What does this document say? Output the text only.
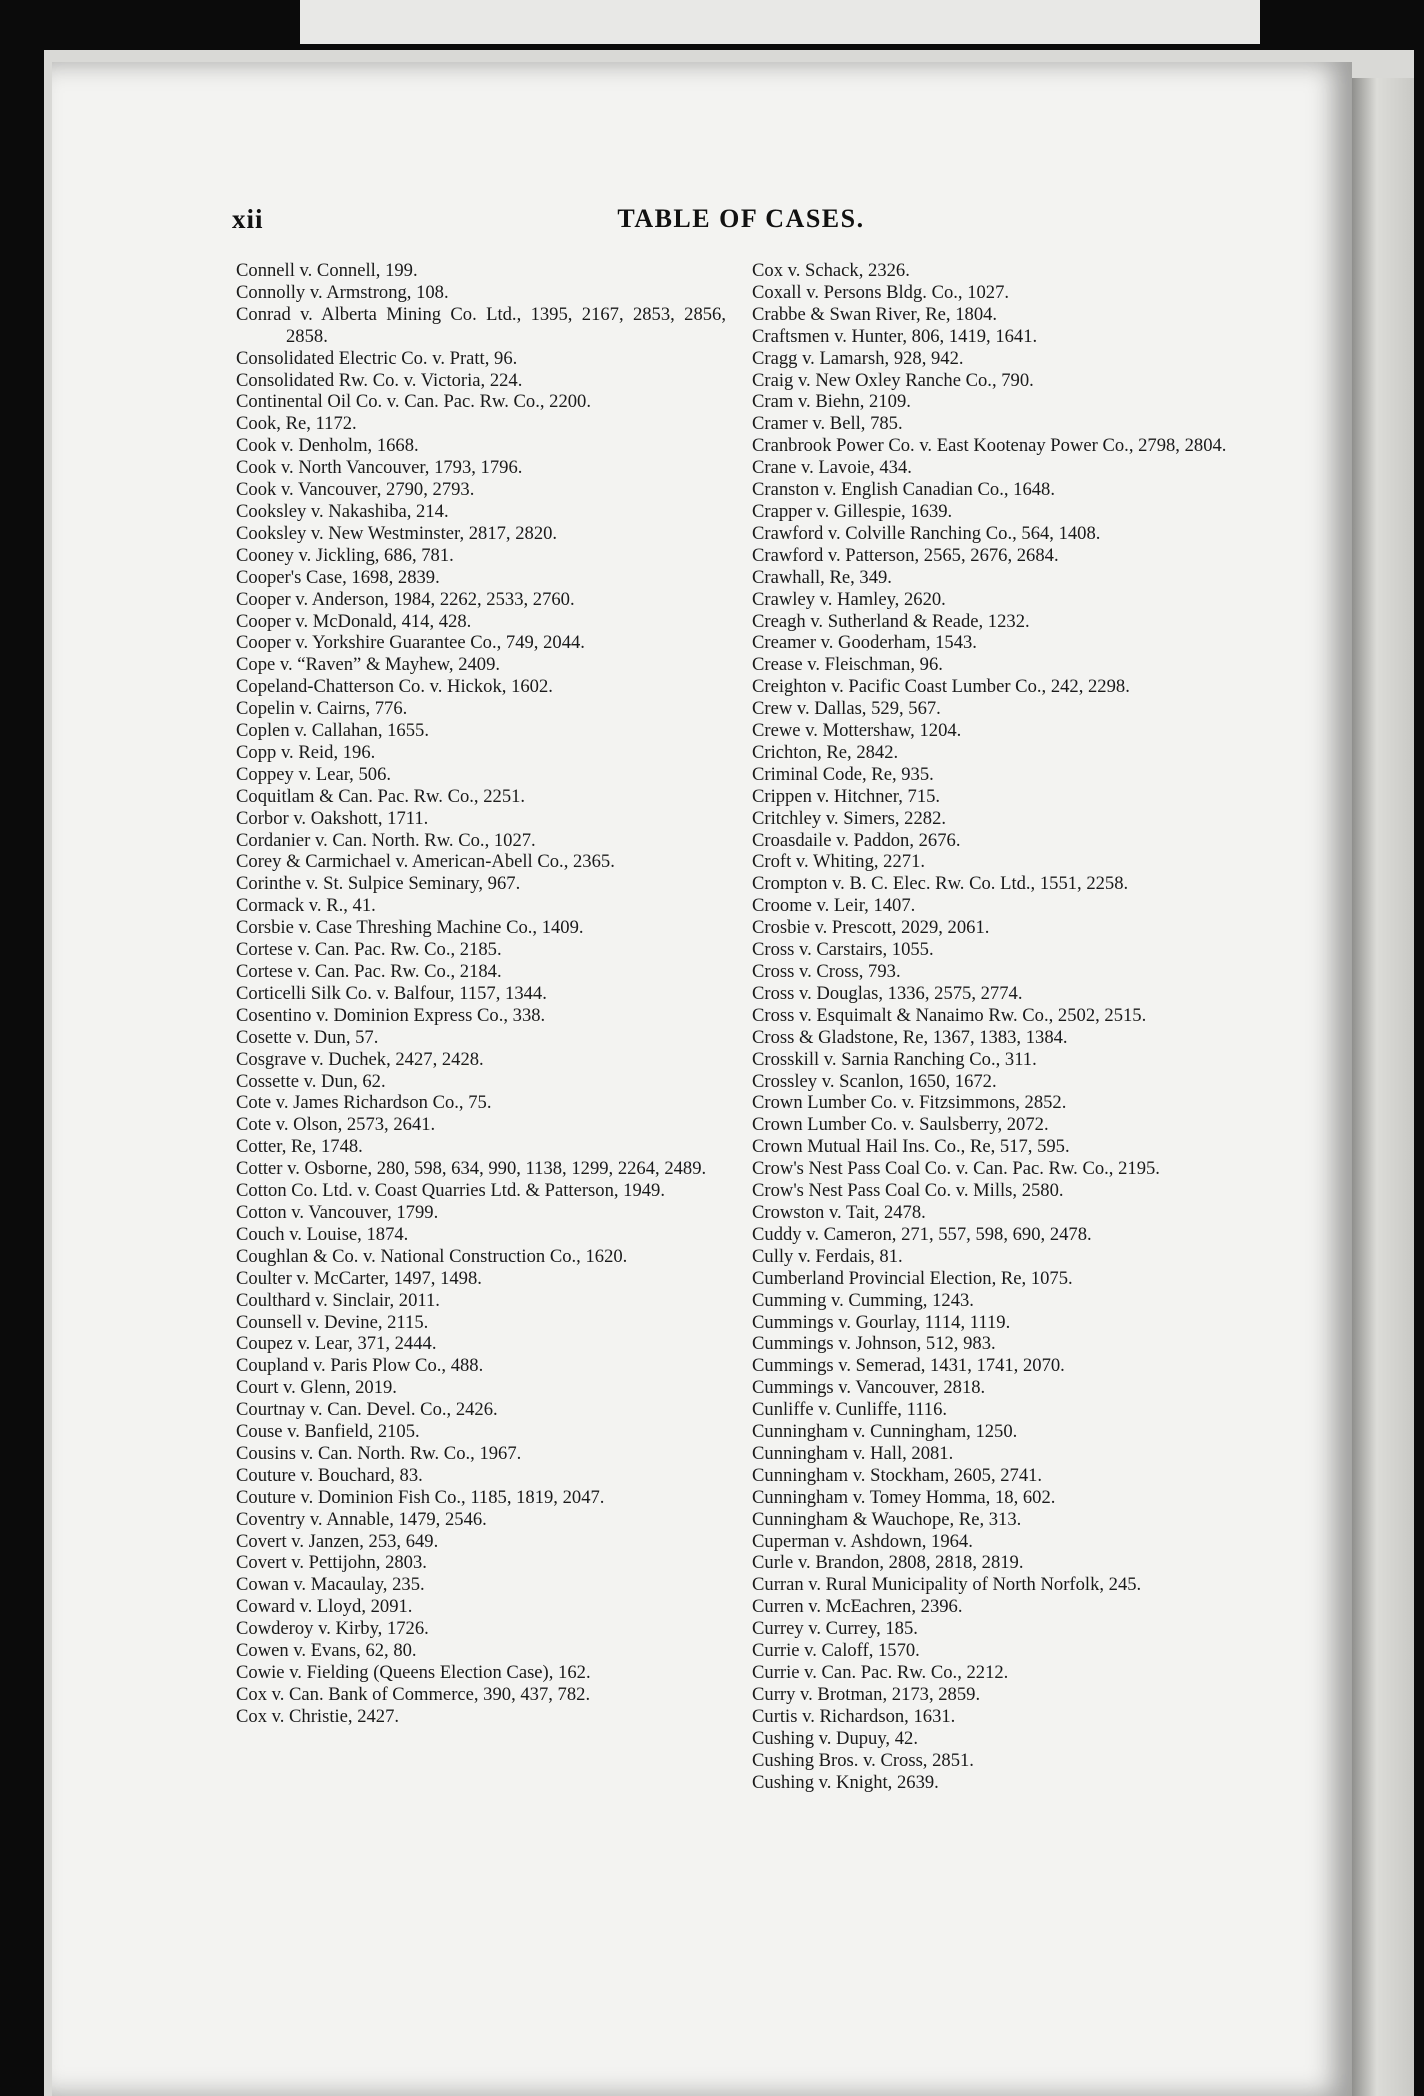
xii	TABLE OF CASES.
Connell v. Connell, 199.
Connolly v. Armstrong, 108.
Conrad v. Alberta Mining Co. Ltd., 1395, 2167, 2853, 2856, 2858.
Consolidated Electric Co. v. Pratt, 96.
Consolidated Rw. Co. v. Victoria, 224.
Continental Oil Co. v. Can. Pac. Rw. Co., 2200.
Cook, Re, 1172.
Cook v. Denholm, 1668.
Cook v. North Vancouver, 1793, 1796.
Cook v. Vancouver, 2790, 2793.
Cooksley v. Nakashiba, 214.
Cooksley v. New Westminster, 2817, 2820.
Cooney v. Jickling, 686, 781.
Cooper's Case, 1698, 2839.
Cooper v. Anderson, 1984, 2262, 2533, 2760.
Cooper v. McDonald, 414, 428.
Cooper v. Yorkshire Guarantee Co., 749, 2044.
Cope v. “Raven” & Mayhew, 2409.
Copeland-Chatterson Co. v. Hickok, 1602.
Copelin v. Cairns, 776.
Coplen v. Callahan, 1655.
Copp v. Reid, 196.
Coppey v. Lear, 506.
Coquitlam & Can. Pac. Rw. Co., 2251.
Corbor v. Oakshott, 1711.
Cordanier v. Can. North. Rw. Co., 1027.
Corey & Carmichael v. American-Abell Co., 2365.
Corinthe v. St. Sulpice Seminary, 967.
Cormack v. R., 41.
Corsbie v. Case Threshing Machine Co., 1409.
Cortese v. Can. Pac. Rw. Co., 2185.
Cortese v. Can. Pac. Rw. Co., 2184.
Corticelli Silk Co. v. Balfour, 1157, 1344.
Cosentino v. Dominion Express Co., 338.
Cosette v. Dun, 57.
Cosgrave v. Duchek, 2427, 2428.
Cossette v. Dun, 62.
Cote v. James Richardson Co., 75.
Cote v. Olson, 2573, 2641.
Cotter, Re, 1748.
Cotter v. Osborne, 280, 598, 634, 990, 1138, 1299, 2264, 2489.
Cotton Co. Ltd. v. Coast Quarries Ltd. & Patterson, 1949.
Cotton v. Vancouver, 1799.
Couch v. Louise, 1874.
Coughlan & Co. v. National Construction Co., 1620.
Coulter v. McCarter, 1497, 1498.
Coulthard v. Sinclair, 2011.
Counsell v. Devine, 2115.
Coupez v. Lear, 371, 2444.
Coupland v. Paris Plow Co., 488.
Court v. Glenn, 2019.
Courtnay v. Can. Devel. Co., 2426.
Couse v. Banfield, 2105.
Cousins v. Can. North. Rw. Co., 1967.
Couture v. Bouchard, 83.
Couture v. Dominion Fish Co., 1185, 1819, 2047.
Coventry v. Annable, 1479, 2546.
Covert v. Janzen, 253, 649.
Covert v. Pettijohn, 2803.
Cowan v. Macaulay, 235.
Coward v. Lloyd, 2091.
Cowderoy v. Kirby, 1726.
Cowen v. Evans, 62, 80.
Cowie v. Fielding (Queens Election Case), 162.
Cox v. Can. Bank of Commerce, 390, 437, 782.
Cox v. Christie, 2427.
Cox v. Schack, 2326.
Coxall v. Persons Bldg. Co., 1027.
Crabbe & Swan River, Re, 1804.
Craftsmen v. Hunter, 806, 1419, 1641.
Cragg v. Lamarsh, 928, 942.
Craig v. New Oxley Ranche Co., 790.
Cram v. Biehn, 2109.
Cramer v. Bell, 785.
Cranbrook Power Co. v. East Kootenay Power Co., 2798, 2804.
Crane v. Lavoie, 434.
Cranston v. English Canadian Co., 1648.
Crapper v. Gillespie, 1639.
Crawford v. Colville Ranching Co., 564, 1408.
Crawford v. Patterson, 2565, 2676, 2684.
Crawhall, Re, 349.
Crawley v. Hamley, 2620.
Creagh v. Sutherland & Reade, 1232.
Creamer v. Gooderham, 1543.
Crease v. Fleischman, 96.
Creighton v. Pacific Coast Lumber Co., 242, 2298.
Crew v. Dallas, 529, 567.
Crewe v. Mottershaw, 1204.
Crichton, Re, 2842.
Criminal Code, Re, 935.
Crippen v. Hitchner, 715.
Critchley v. Simers, 2282.
Croasdaile v. Paddon, 2676.
Croft v. Whiting, 2271.
Crompton v. B. C. Elec. Rw. Co. Ltd., 1551, 2258.
Croome v. Leir, 1407.
Crosbie v. Prescott, 2029, 2061.
Cross v. Carstairs, 1055.
Cross v. Cross, 793.
Cross v. Douglas, 1336, 2575, 2774.
Cross v. Esquimalt & Nanaimo Rw. Co., 2502, 2515.
Cross & Gladstone, Re, 1367, 1383, 1384.
Crosskill v. Sarnia Ranching Co., 311.
Crossley v. Scanlon, 1650, 1672.
Crown Lumber Co. v. Fitzsimmons, 2852.
Crown Lumber Co. v. Saulsberry, 2072.
Crown Mutual Hail Ins. Co., Re, 517, 595.
Crow's Nest Pass Coal Co. v. Can. Pac. Rw. Co., 2195.
Crow's Nest Pass Coal Co. v. Mills, 2580.
Crowston v. Tait, 2478.
Cuddy v. Cameron, 271, 557, 598, 690, 2478.
Cully v. Ferdais, 81.
Cumberland Provincial Election, Re, 1075.
Cumming v. Cumming, 1243.
Cummings v. Gourlay, 1114, 1119.
Cummings v. Johnson, 512, 983.
Cummings v. Semerad, 1431, 1741, 2070.
Cummings v. Vancouver, 2818.
Cunliffe v. Cunliffe, 1116.
Cunningham v. Cunningham, 1250.
Cunningham v. Hall, 2081.
Cunningham v. Stockham, 2605, 2741.
Cunningham v. Tomey Homma, 18, 602.
Cunningham & Wauchope, Re, 313.
Cuperman v. Ashdown, 1964.
Curle v. Brandon, 2808, 2818, 2819.
Curran v. Rural Municipality of North Norfolk, 245.
Curren v. McEachren, 2396.
Currey v. Currey, 185.
Currie v. Caloff, 1570.
Currie v. Can. Pac. Rw. Co., 2212.
Curry v. Brotman, 2173, 2859.
Curtis v. Richardson, 1631.
Cushing v. Dupuy, 42.
Cushing Bros. v. Cross, 2851.
Cushing v. Knight, 2639.
